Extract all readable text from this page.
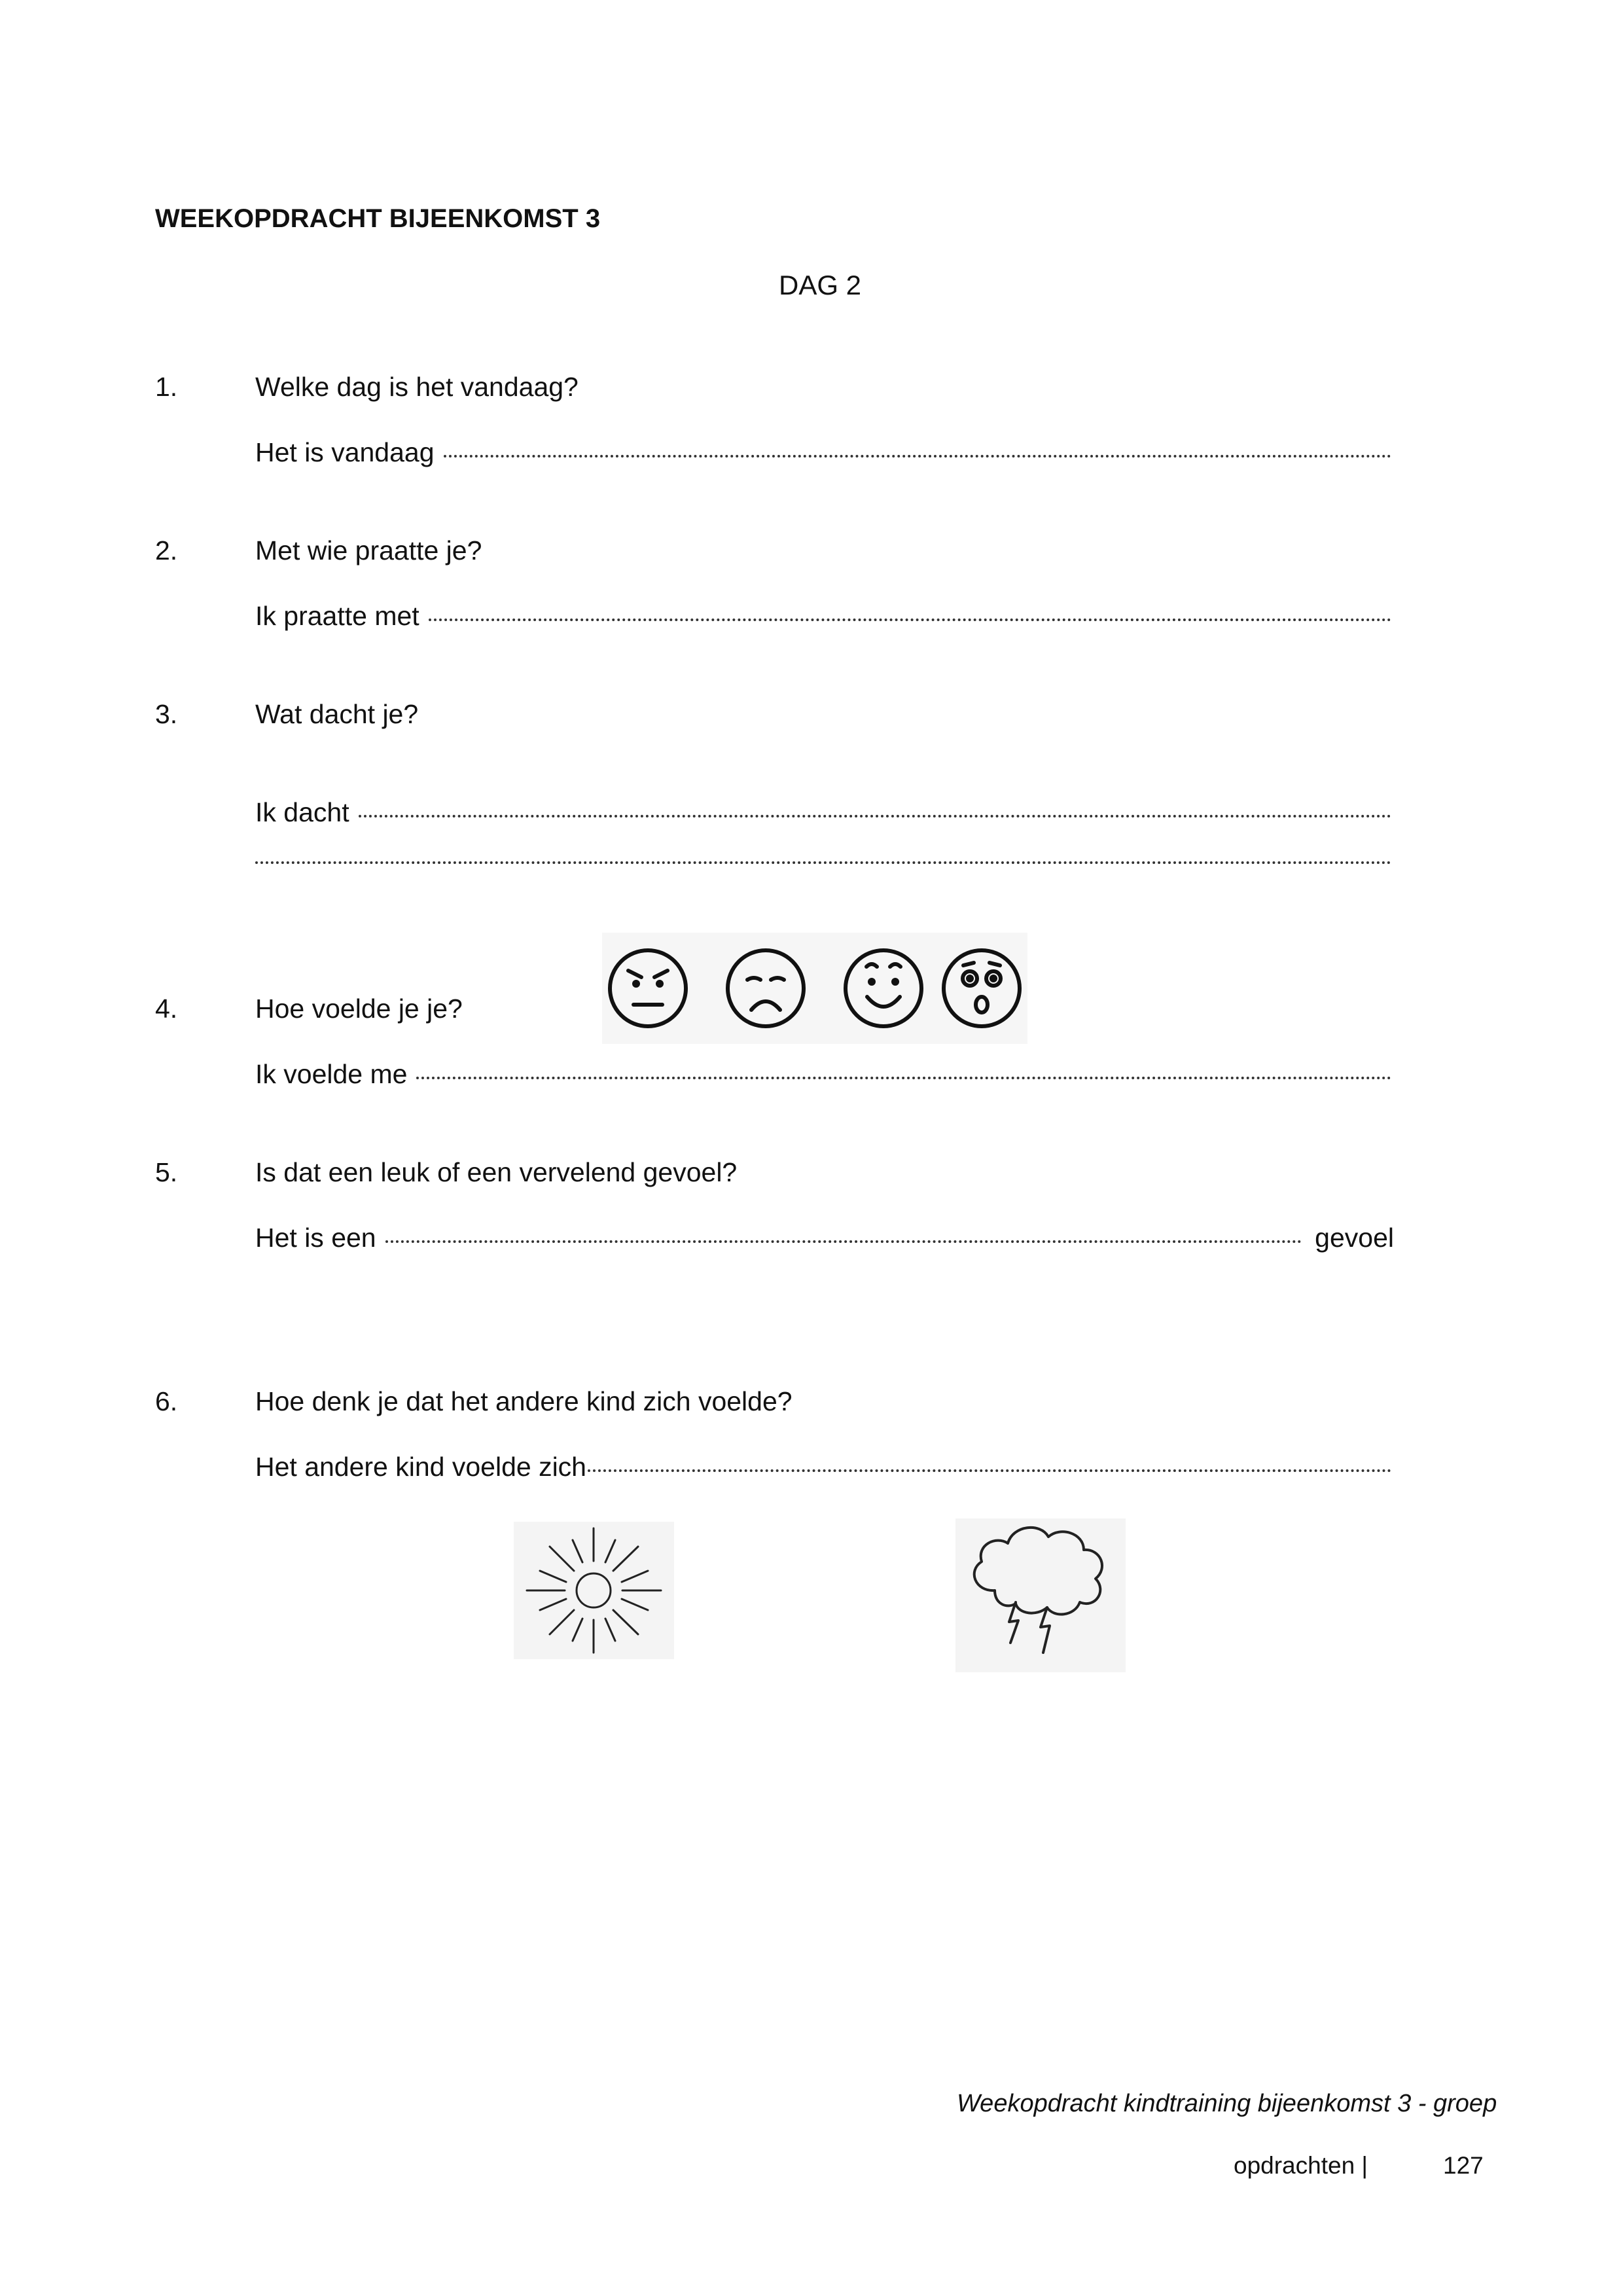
WEEKOPDRACHT BIJEENKOMST 3
DAG 2
1.	Welke dag is het vandaag?
Het is vandaag
2.	Met wie praatte je?
Ik praatte met
3.	Wat dacht je?
Ik dacht
4.	Hoe voelde je je?
Ik voelde me
5.	Is dat een leuk of een vervelend gevoel?
Het is een	gevoel
6.	Hoe denk je dat het andere kind zich voelde?
Het andere kind voelde zich
Weekopdracht kindtraining bijeenkomst 3 - groep
opdrachten |	127
